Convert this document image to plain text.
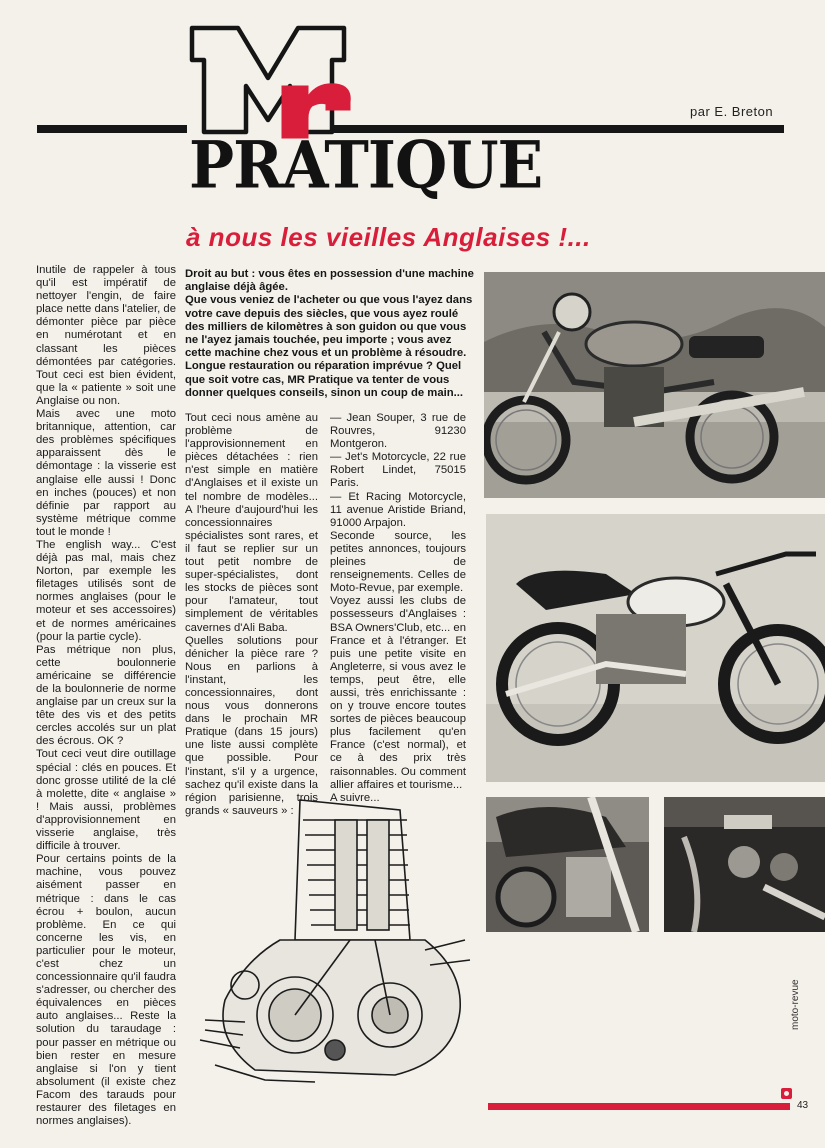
par E. Breton
Mr
PRATIQUE
à nous les vieilles Anglaises !...
Inutile de rappeler à tous qu'il est impératif de nettoyer l'engin, de faire place nette dans l'atelier, de démonter pièce par pièce en numérotant et en classant les pièces démontées par catégories. Tout ceci est bien évident, que la « patiente » soit une Anglaise ou non.
Mais avec une moto britannique, attention, car des problèmes spécifiques apparaissent dès le démontage : la visserie est anglaise elle aussi ! Donc en inches (pouces) et non définie par rapport au système métrique comme tout le monde !
The english way... C'est déjà pas mal, mais chez Norton, par exemple les filetages utilisés sont de normes anglaises (pour le moteur et ses accessoires) et de normes américaines (pour la partie cycle).
Pas métrique non plus, cette boulonnerie américaine se différencie de la boulonnerie de norme anglaise par un creux sur la tête des vis et des petits cercles accolés sur un plat des écrous. OK ?
Tout ceci veut dire outillage spécial : clés en pouces. Et donc grosse utilité de la clé à molette, dite « anglaise » ! Mais aussi, problèmes d'approvisionnement en visserie anglaise, très difficile à trouver.
Pour certains points de la machine, vous pouvez aisément passer en métrique : dans le cas écrou + boulon, aucun problème. En ce qui concerne les vis, en particulier pour le moteur, c'est chez un concessionnaire qu'il faudra s'adresser, ou chercher des équivalences en pièces auto anglaises... Reste la solution du taraudage : pour passer en métrique ou bien rester en mesure anglaise si l'on y tient absolument (il existe chez Facom des tarauds pour restaurer des filetages en normes anglaises).
Droit au but : vous êtes en possession d'une machine anglaise déjà âgée.
Que vous veniez de l'acheter ou que vous l'ayez dans votre cave depuis des siècles, que vous ayez roulé des milliers de kilomètres à son guidon ou que vous ne l'ayez jamais touchée, peu importe ; vous avez cette machine chez vous et un problème à résoudre. Longue restauration ou réparation imprévue ? Quel que soit votre cas, MR Pratique va tenter de vous donner quelques conseils, sinon un coup de main...
Tout ceci nous amène au problème de l'approvisionnement en pièces détachées : rien n'est simple en matière d'Anglaises et il existe un tel nombre de modèles... A l'heure d'aujourd'hui les concessionnaires spécialistes sont rares, et il faut se replier sur un tout petit nombre de super-spécialistes, dont les stocks de pièces sont pour l'amateur, tout simplement de véritables cavernes d'Ali Baba.
Quelles solutions pour dénicher la pièce rare ? Nous en parlions à l'instant, les concessionnaires, dont nous vous donnerons dans le prochain MR Pratique (dans 15 jours) une liste aussi complète que possible. Pour l'instant, s'il y a urgence, sachez qu'il existe dans la région parisienne, trois grands « sauveurs » :
— Jean Souper, 3 rue de Rouvres, 91230 Montgeron.
— Jet's Motorcycle, 22 rue Robert Lindet, 75015 Paris.
— Et Racing Motorcycle, 11 avenue Aristide Briand, 91000 Arpajon.
Seconde source, les petites annonces, toujours pleines de renseignements. Celles de Moto-Revue, par exemple.
Voyez aussi les clubs de possesseurs d'Anglaises : BSA Owners'Club, etc... en France et à l'étranger. Et puis une petite visite en Angleterre, si vous avez le temps, peut être, elle aussi, très enrichissante : on y trouve encore toutes sortes de pièces beaucoup plus facilement qu'en France (c'est normal), et ce à des prix très raisonnables. Ou comment allier affaires et tourisme...
A suivre...
moto-revue
43
